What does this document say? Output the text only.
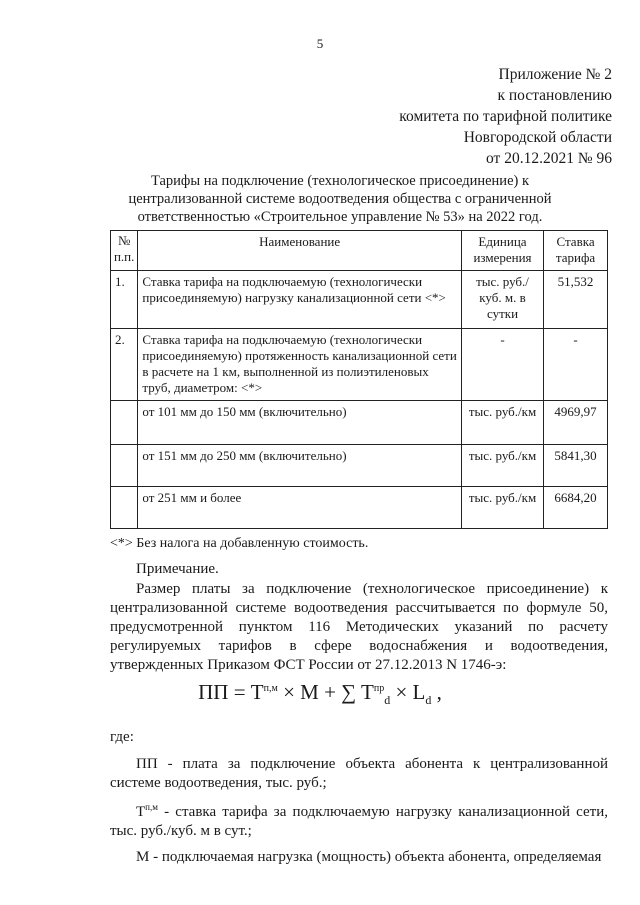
5
Приложение № 2
к постановлению
комитета по тарифной политике
Новгородской области
от 20.12.2021 № 96
Тарифы на подключение (технологическое присоединение) к
централизованной системе водоотведения общества с ограниченной
ответственностью «Строительное управление № 53» на 2022 год.
№ п.п.	Наименование	Единица измерения	Ставка тарифа
1.	Ставка тарифа на подключаемую (технологически присоединяемую) нагрузку канализационной сети <*>	тыс. руб./куб. м. в сутки	51,532
2.	Ставка тарифа на подключаемую (технологически присоединяемую) протяженность канализационной сети в расчете на 1 км, выполненной из полиэтиленовых труб, диаметром: <*>	-	-
	от 101 мм до 150 мм (включительно)	тыс. руб./км	4969,97
	от 151 мм до 250 мм (включительно)	тыс. руб./км	5841,30
	от 251 мм и более	тыс. руб./км	6684,20
<*> Без налога на добавленную стоимость.
Примечание.
Размер платы за подключение (технологическое присоединение) к централизованной системе водоотведения рассчитывается по формуле 50, предусмотренной пунктом 116 Методических указаний по расчету регулируемых тарифов в сфере водоснабжения и водоотведения, утвержденных Приказом ФСТ России от 27.12.2013 N 1746-э:
ПП = $Т^{п,м} \times M$ + ∑ $T^{пр}_d \times L_d$ ,
где:
ПП - плата за подключение объекта абонента к централизованной системе водоотведения, тыс. руб.;
$Т^{п,м}$ - ставка тарифа за подключаемую нагрузку канализационной сети, тыс. руб./куб. м в сут.;
М - подключаемая нагрузка (мощность) объекта абонента, определяемая
